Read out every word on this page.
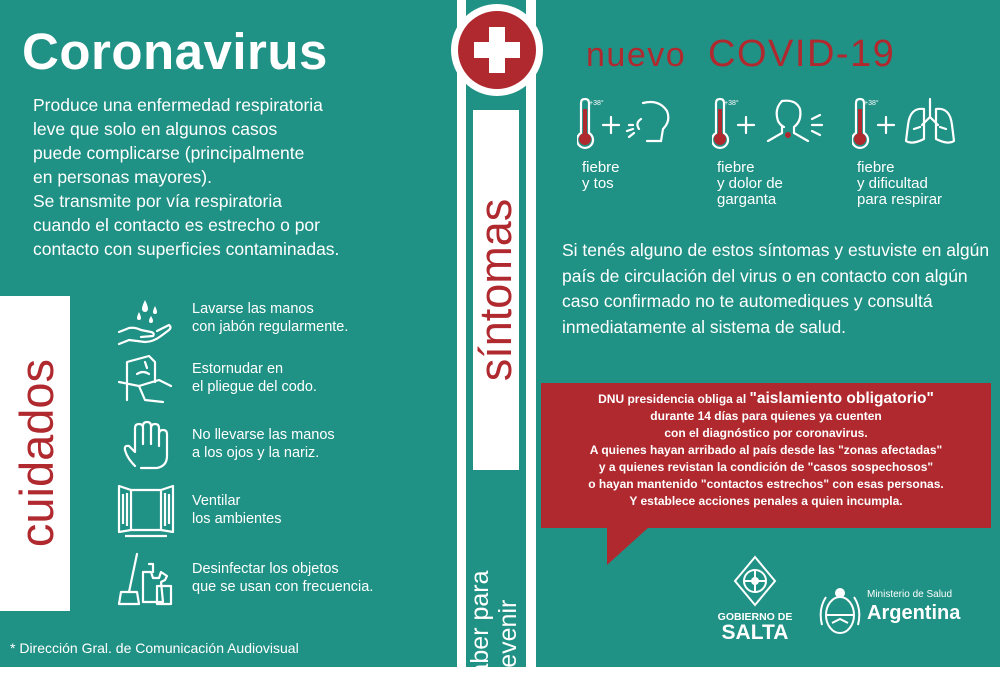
Coronavirus

Produce una enfermedad respiratoria

leve que solo en algunos casos

puede complicarse (principalmente

en personas mayores).

Se transmite por vía respiratoria

cuando el contacto es estrecho o por

contacto con superficies contaminadas.

cuidados
Lavarse las manos
con jabón regularmente.
Estornudar en
el pliegue del codo.
No llevarse las manos
a los ojos y la nariz.
Ventilar
los ambientes
Desinfectar los objetos
que se usan con frecuencia.
* Dirección Gral. de Comunicación Audiovisual
síntomas
saber para prevenir
nuevo COVID-19
+38°
fiebre
y tos
+38°
fiebre
y dolor de
garganta
+38°
fiebre
y dificultad
para respirar
Si tenés alguno de estos síntomas y estuviste en algún país de circulación del virus o en contacto con algún caso confirmado no te automediques y consultá inmediatamente al sistema de salud.
DNU presidencia obliga al "aislamiento obligatorio"
durante 14 días para quienes ya cuenten
con el diagnóstico por coronavirus.
A quienes hayan arribado al país desde las "zonas afectadas"
y a quienes revistan la condición de "casos sospechosos"
o hayan mantenido "contactos estrechos" con esas personas.
Y establece acciones penales a quien incumpla.
GOBIERNO DE
SALTA
Ministerio de Salud
Argentina
